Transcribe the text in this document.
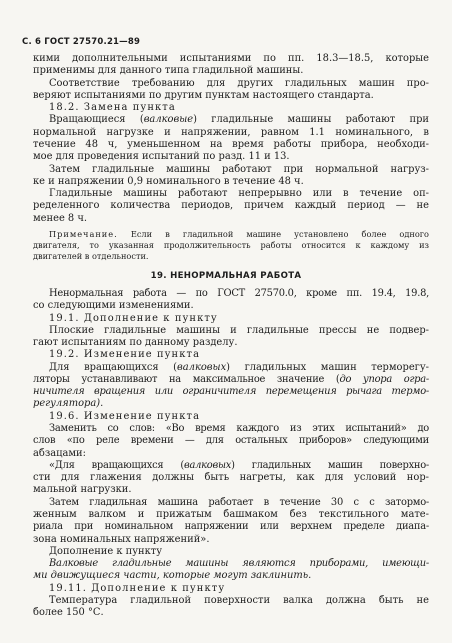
С. 6 ГОСТ 27570.21—89
кими дополнительными испытаниями по пп. 18.3—18.5, которые
применимы для данного типа гладильной машины.
Соответствие требованию для других гладильных машин про-
веряют испытаниями по другим пунктам настоящего стандарта.
18.2. Замена пункта
Вращающиеся (валковые) гладильные машины работают при
нормальной нагрузке и напряжении, равном 1.1 номинального, в
течение 48 ч, уменьшенном на время работы прибора, необходи-
мое для проведения испытаний по разд. 11 и 13.
Затем гладильные машины работают при нормальной нагруз-
ке и напряжении 0,9 номинального в течение 48 ч.
Гладильные машины работают непрерывно или в течение оп-
ределенного количества периодов, причем каждый период — не
менее 8 ч.
Примечание. Если в гладильной машине установлено более одного
двигателя, то указанная продолжительность работы относится к каждому из
двигателей в отдельности.
19. НЕНОРМАЛЬНАЯ РАБОТА
Ненормальная работа — по ГОСТ 27570.0, кроме пп. 19.4, 19.8,
со следующими изменениями.
19.1. Дополнение к пункту
Плоские гладильные машины и гладильные прессы не подвер-
гают испытаниям по данному разделу.
19.2. Изменение пункта
Для вращающихся (валковых) гладильных машин терморегу-
ляторы устанавливают на максимальное значение (до упора огра-
ничителя вращения или ограничителя перемещения рычага термо-
регулятора).
19.6. Изменение пункта
Заменить со слов: «Во время каждого из этих испытаний» до
слов «по реле времени — для остальных приборов» следующими
абзацами:
«Для вращающихся (валковых) гладильных машин поверхно-
сти для глажения должны быть нагреты, как для условий нор-
мальной нагрузки.
Затем гладильная машина работает в течение 30 с с затормо-
женным валком и прижатым башмаком без текстильного мате-
риала при номинальном напряжении или верхнем пределе диапа-
зона номинальных напряжений».
Дополнение к пункту
Валковые гладильные машины являются приборами, имеющи-
ми движущиеся части, которые могут заклинить.
19.11. Дополнение к пункту
Температура гладильной поверхности валка должна быть не
более 150 °С.
